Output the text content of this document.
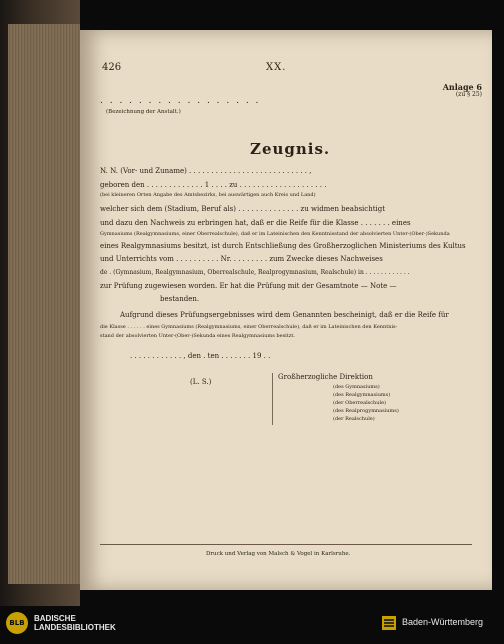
426	XX.
Anlage 6
(zu § 25)
. . . . . . . . . . . . . . . . .
(Bezeichnung der Anstalt.)
Zeugnis.
N. N. (Vor- und Zuname) . . . . . . . . . . . . . . . . . . . . . . . . . . . ,
geboren den . . . . . . . . . . . . . 1 . . . . zu . . . . . . . . . . . . . . . . . . . .
(bei kleineren Orten Angabe des Amtsbezirks, bei auswärtigen auch Kreis und Land)
welcher sich dem (Stadium, Beruf als) . . . . . . . . . . . . . . zu widmen beabsichtigt
und dazu den Nachweis zu erbringen hat, daß er die Reife für die Klasse . . . . . . . eines
Gymnasiums (Realgymnasiums, einer Oberrealschule), daß er im Lateinischen den Kenntnisstand der absolvierten Unter-(Ober-)Sekunda
eines Realgymnasiums besitzt, ist durch Entschließung des Großherzoglichen Ministeriums des Kultus
und Unterrichts vom . . . . . . . . . . Nr. . . . . . . . . zum Zwecke dieses Nachweises
de . (Gymnasium, Realgymnasium, Oberrealschule, Realprogymnasium, Realschule) in . . . . . . . . . . . .
zur Prüfung zugewiesen worden. Er hat die Prüfung mit der Gesamtnote — Note —
bestanden.
Aufgrund dieses Prüfungsergebnisses wird dem Genannten bescheinigt, daß er die Reife für
die Klasse . . . . . . eines Gymnasiums (Realgymnasiums, einer Oberrealschule), daß er im Lateinischen den Kenntnis-
stand der absolvierten Unter-(Ober-)Sekunda eines Realgymnasiums besitzt.
. . . . . . . . . . . . , den . ten . . . . . . . 19 . .
(L. S.)
Großherzogliche Direktion
(des Gymnasiums)
(des Realgymnasiums)
(der Oberrealschule)
(des Realprogymnasiums)
(der Realschule)
Druck und Verlag von Malsch & Vogel in Karlsruhe.
BLB	BADISCHE
LANDESBIBLIOTHEK
Baden-Württemberg
